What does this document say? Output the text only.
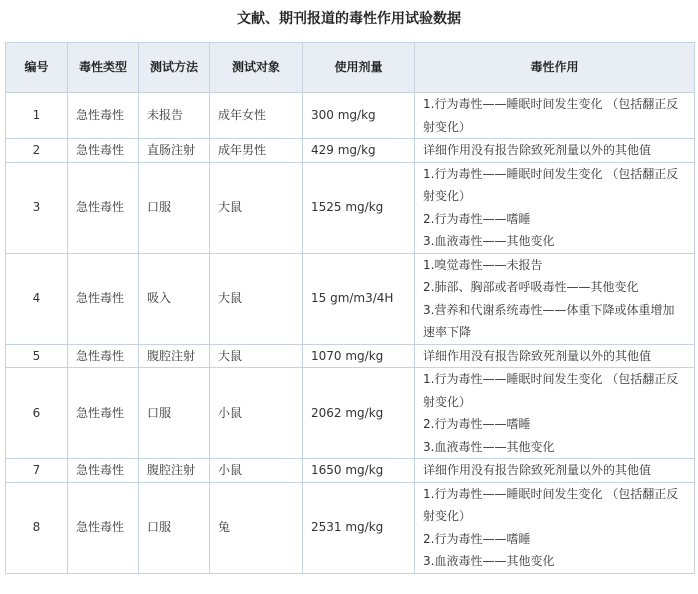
文献、期刊报道的毒性作用试验数据
编号	毒性类型	测试方法	测试对象	使用剂量	毒性作用
1	急性毒性	未报告	成年女性	300 mg/kg	1.行为毒性——睡眠时间发生变化 （包括翻正反射变化）

2	急性毒性	直肠注射	成年男性	429 mg/kg	详细作用没有报告除致死剂量以外的其他值

3	急性毒性	口服	大鼠	1525 mg/kg	1.行为毒性——睡眠时间发生变化 （包括翻正反射变化）
2.行为毒性——嗜睡
3.血液毒性——其他变化

4	急性毒性	吸入	大鼠	15 gm/m3/4H	1.嗅觉毒性——未报告
2.肺部、胸部或者呼吸毒性——其他变化
3.营养和代谢系统毒性——体重下降或体重增加速率下降

5	急性毒性	腹腔注射	大鼠	1070 mg/kg	详细作用没有报告除致死剂量以外的其他值

6	急性毒性	口服	小鼠	2062 mg/kg	1.行为毒性——睡眠时间发生变化 （包括翻正反射变化）
2.行为毒性——嗜睡
3.血液毒性——其他变化

7	急性毒性	腹腔注射	小鼠	1650 mg/kg	详细作用没有报告除致死剂量以外的其他值

8	急性毒性	口服	兔	2531 mg/kg	1.行为毒性——睡眠时间发生变化 （包括翻正反射变化）
2.行为毒性——嗜睡
3.血液毒性——其他变化
